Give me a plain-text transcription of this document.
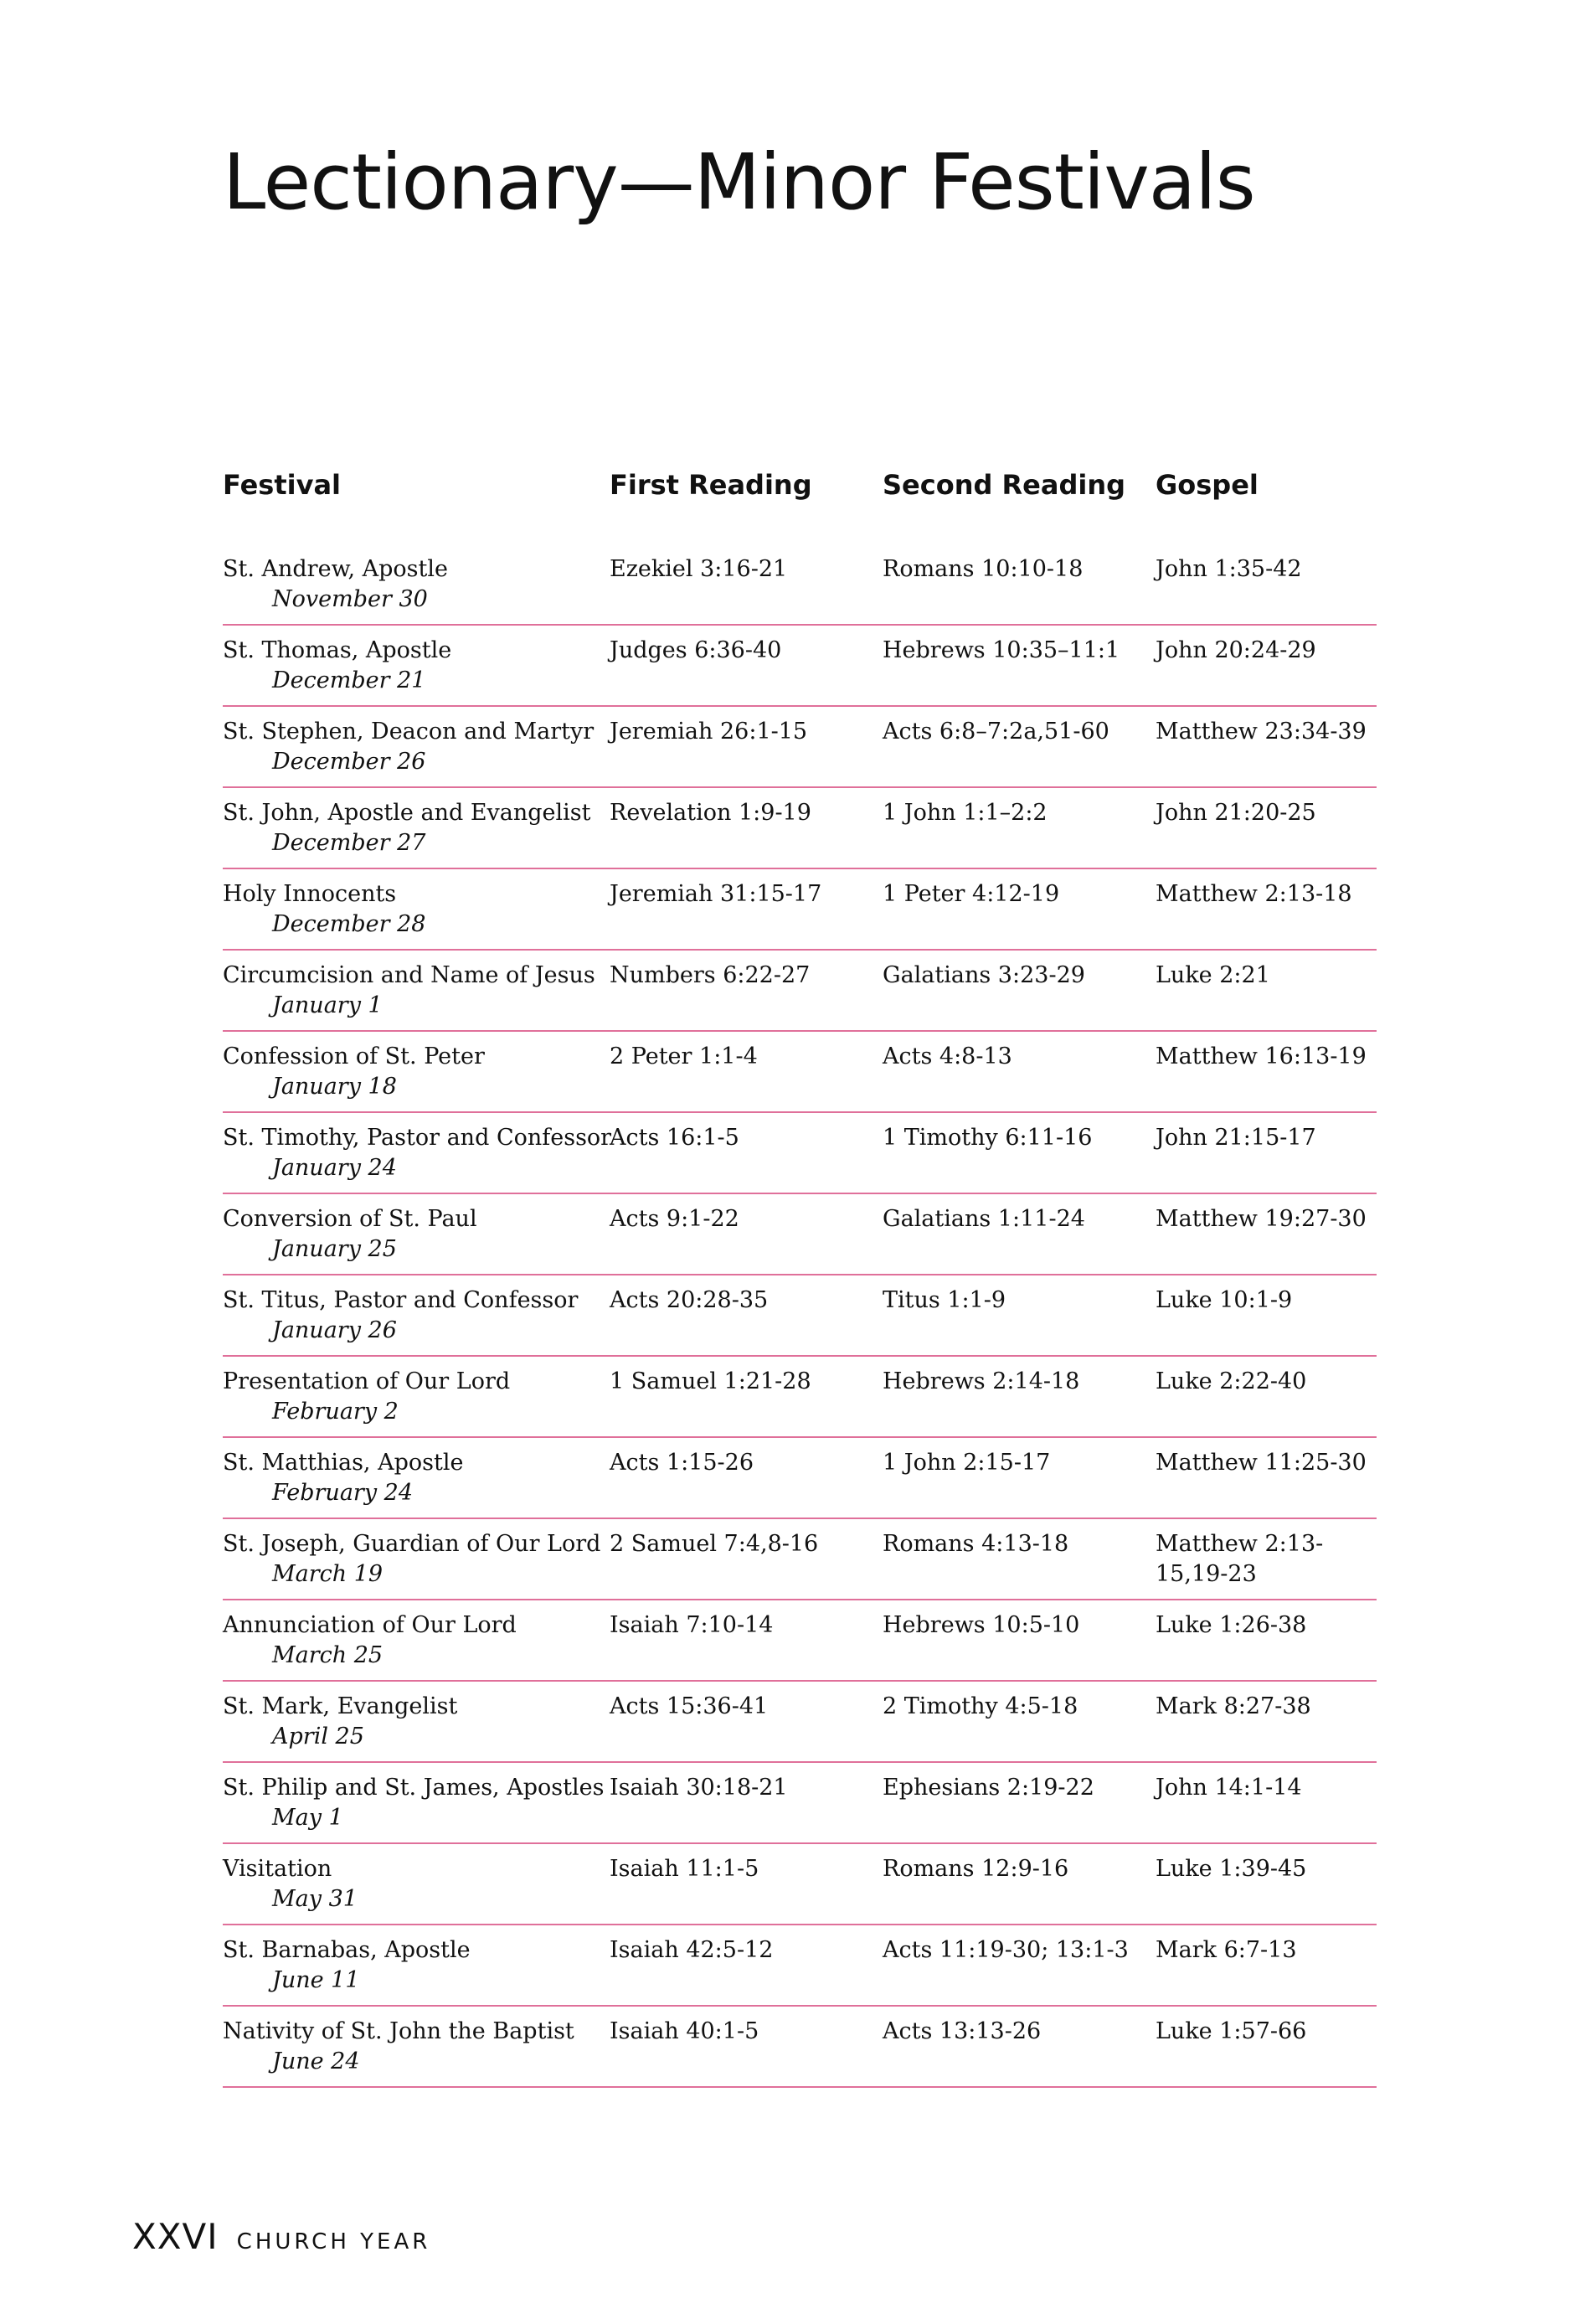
Lectionary—Minor Festivals
Festival	First Reading	Second Reading	Gospel
St. Andrew, Apostle
November 30
Ezekiel 3:16-21	Romans 10:10-18	John 1:35-42
St. Thomas, Apostle
December 21
Judges 6:36-40	Hebrews 10:35–11:1	John 20:24-29
St. Stephen, Deacon and Martyr
December 26
Jeremiah 26:1-15	Acts 6:8–7:2a,51-60	Matthew 23:34-39
St. John, Apostle and Evangelist
December 27
Revelation 1:9-19	1 John 1:1–2:2	John 21:20-25
Holy Innocents
December 28
Jeremiah 31:15-17	1 Peter 4:12-19	Matthew 2:13-18
Circumcision and Name of Jesus
January 1
Numbers 6:22-27	Galatians 3:23-29	Luke 2:21
Confession of St. Peter
January 18
2 Peter 1:1-4	Acts 4:8-13	Matthew 16:13-19
St. Timothy, Pastor and Confessor
January 24
Acts 16:1-5	1 Timothy 6:11-16	John 21:15-17
Conversion of St. Paul
January 25
Acts 9:1-22	Galatians 1:11-24	Matthew 19:27-30
St. Titus, Pastor and Confessor
January 26
Acts 20:28-35	Titus 1:1-9	Luke 10:1-9
Presentation of Our Lord
February 2
1 Samuel 1:21-28	Hebrews 2:14-18	Luke 2:22-40
St. Matthias, Apostle
February 24
Acts 1:15-26	1 John 2:15-17	Matthew 11:25-30
St. Joseph, Guardian of Our Lord
March 19
2 Samuel 7:4,8-16	Romans 4:13-18	Matthew 2:13-15,19-23
Annunciation of Our Lord
March 25
Isaiah 7:10-14	Hebrews 10:5-10	Luke 1:26-38
St. Mark, Evangelist
April 25
Acts 15:36-41	2 Timothy 4:5-18	Mark 8:27-38
St. Philip and St. James, Apostles
May 1
Isaiah 30:18-21	Ephesians 2:19-22	John 14:1-14
Visitation
May 31
Isaiah 11:1-5	Romans 12:9-16	Luke 1:39-45
St. Barnabas, Apostle
June 11
Isaiah 42:5-12	Acts 11:19-30; 13:1-3	Mark 6:7-13
Nativity of St. John the Baptist
June 24
Isaiah 40:1-5	Acts 13:13-26	Luke 1:57-66
XXVI CHURCH YEAR
